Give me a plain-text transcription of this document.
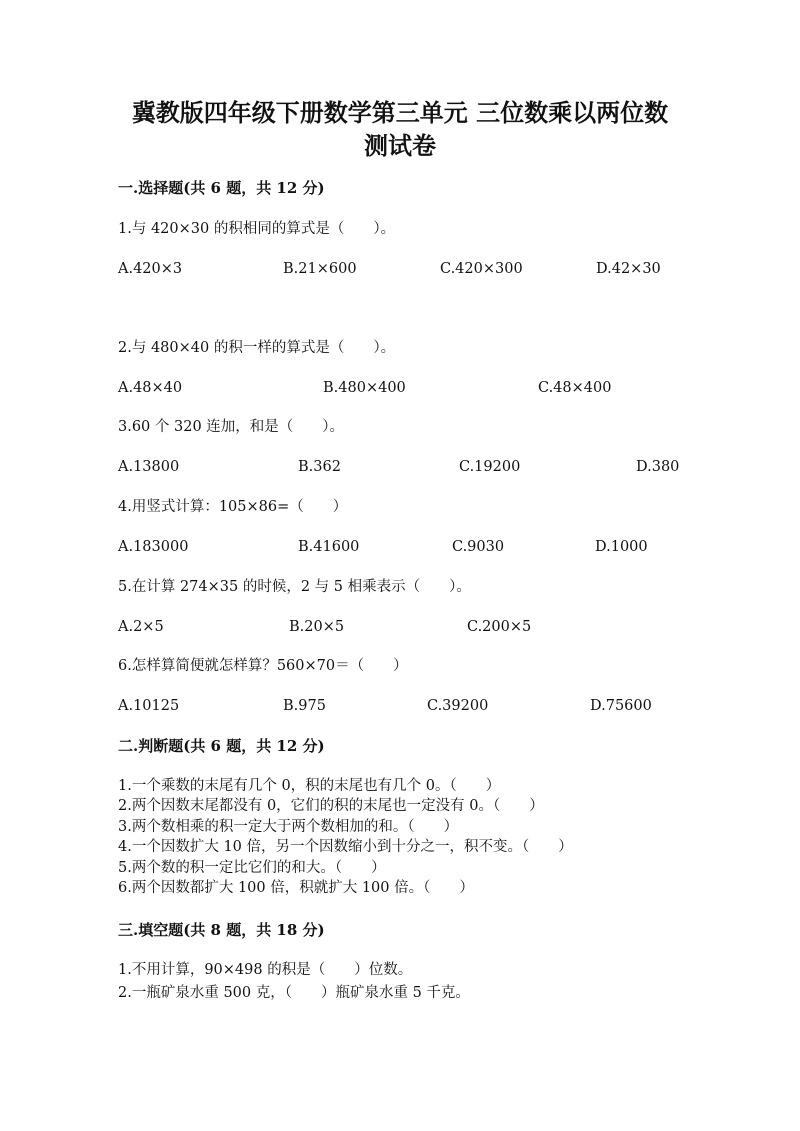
冀教版四年级下册数学第三单元 三位数乘以两位数
测试卷
一.选择题(共 6 题，共 12 分)
1.与 420×30 的积相同的算式是（　　）。
A.420×3	B.21×600	C.420×300	D.42×30
2.与 480×40 的积一样的算式是（　　）。
A.48×40	B.480×400	C.48×400
3.60 个 320 连加，和是（　　）。
A.13800	B.362	C.19200	D.380
4.用竖式计算：105×86=（　　）
A.183000	B.41600	C.9030	D.1000
5.在计算 274×35 的时候，2 与 5 相乘表示（　　）。
A.2×5	B.20×5	C.200×5
6.怎样算简便就怎样算？560×70＝（　　）
A.10125	B.975	C.39200	D.75600
二.判断题(共 6 题，共 12 分)
1.一个乘数的末尾有几个 0，积的末尾也有几个 0。（　　）
2.两个因数末尾都没有 0，它们的积的末尾也一定没有 0。（　　）
3.两个数相乘的积一定大于两个数相加的和。（　　）
4.一个因数扩大 10 倍，另一个因数缩小到十分之一，积不变。（　　）
5.两个数的积一定比它们的和大。（　　）
6.两个因数都扩大 100 倍，积就扩大 100 倍。（　　）
三.填空题(共 8 题，共 18 分)
1.不用计算，90×498 的积是（　　）位数。
2.一瓶矿泉水重 500 克，（　　）瓶矿泉水重 5 千克。
